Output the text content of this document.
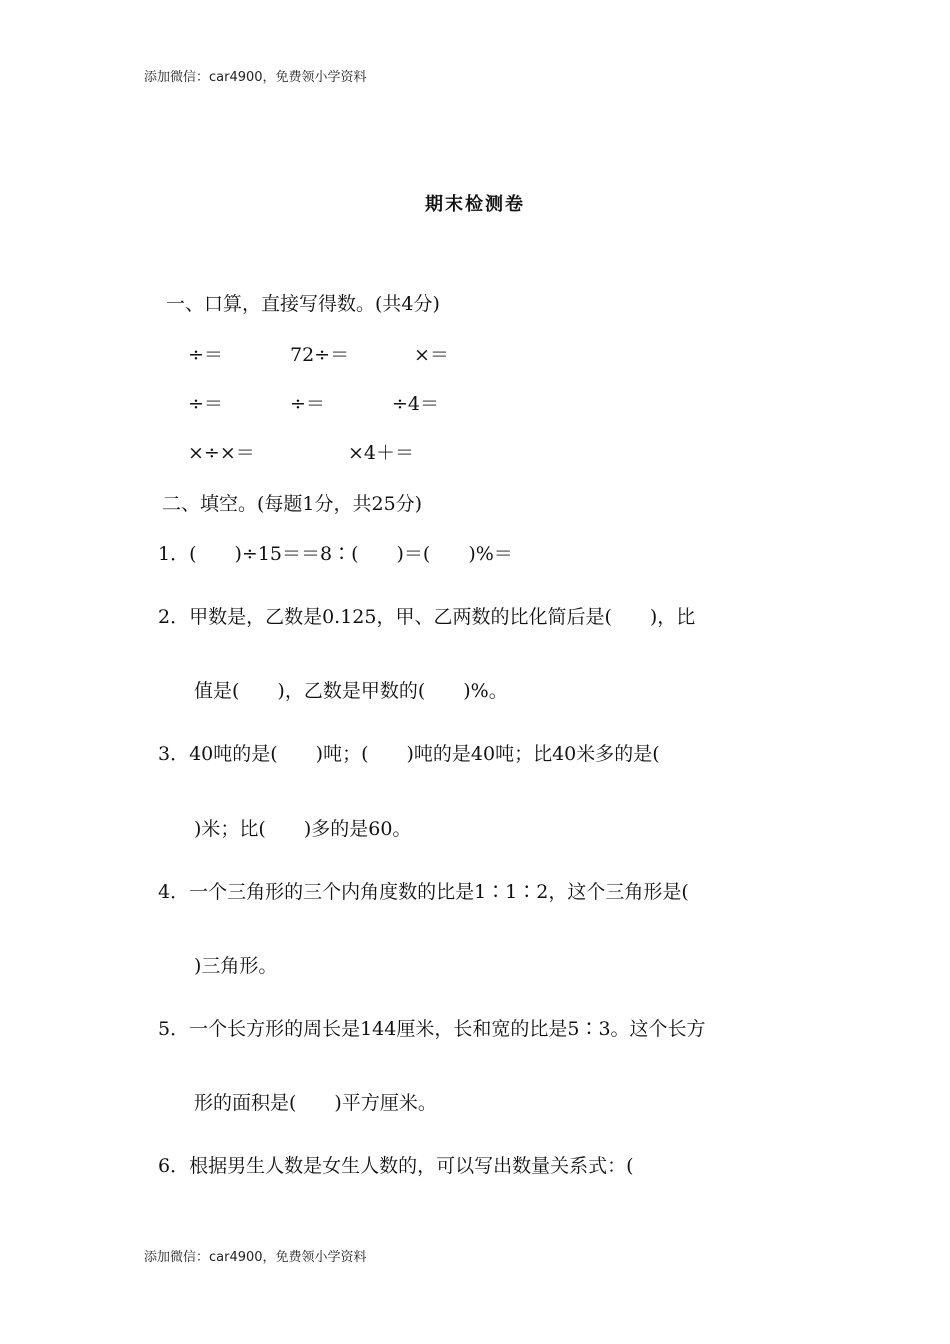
添加微信：car4900，免费领小学资料
期末检测卷
一、口算，直接写得数。(共4分)
÷＝	72÷＝	×＝
÷＝	÷＝	÷4＝
×÷×＝	×4＋＝
二、填空。(每题1分，共25分)
1．(　　)÷15＝＝8∶(　　)＝(　　)%＝
2．甲数是，乙数是0.125，甲、乙两数的比化简后是(　　)，比
值是(　　)，乙数是甲数的(　　)%。
3．40吨的是(　　)吨；(　　)吨的是40吨；比40米多的是(
)米；比(　　)多的是60。
4．一个三角形的三个内角度数的比是1∶1∶2，这个三角形是(
)三角形。
5．一个长方形的周长是144厘米，长和宽的比是5∶3。这个长方
形的面积是(　　)平方厘米。
6．根据男生人数是女生人数的，可以写出数量关系式：(
添加微信：car4900，免费领小学资料
